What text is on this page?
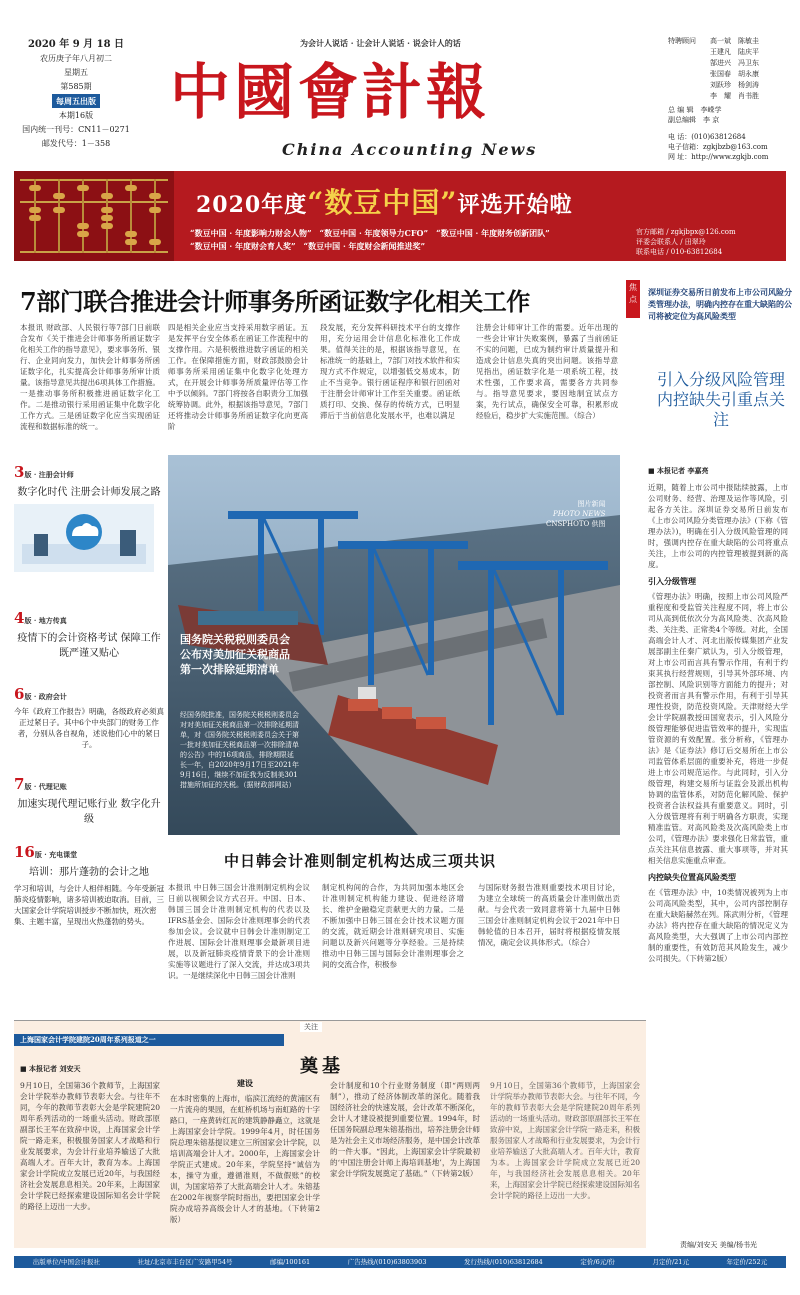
2020 年 9 月 18 日
农历庚子年八月初二
星期五
第585期
每周五出版
本期16版
国内统一刊号：CN11－0271
邮发代号：1－358
为会计人说话 · 让会计人说话 · 说会计人的话
中國會計報
China Accounting News
特聘顾问 高一斌　陈敏圭
王建凡　陆庆平
郜进兴　冯卫东
张国春　胡永康
刘跃珍　杨剑涛
李　耀　肖书胜
总 编 辑　李嵘学
副总编辑　李 京
电 话：(010)63812684
电子信箱：zgkjbzb@163.com
网 址：http://www.zgkjb.com
2020年度“数豆中国”评选开始啦
“数豆中国 · 年度影响力财会人物”　“数豆中国 · 年度领导力CFO”　“数豆中国 · 年度财务创新团队”
“数豆中国 · 年度财会育人奖”　“数豆中国 · 年度财会新闻推进奖”
官方邮箱 / zgkjbpx@126.com
评委会联系人 / 田翠玲
联系电话 / 010-63812684
7部门联合推进会计师事务所函证数字化相关工作	焦点
本报讯 财政部、人民银行等7部门日前联合发布《关于推进会计师事务所函证数字化相关工作的指导意见》，要求事务所、银行、企业同向发力，加快会计师事务所函证数字化，扎实提高会计师事务所审计质量。该指导意见共提出6项具体工作措施。一是推动事务所积极推进函证数字化工作。二是推动银行采用函证集中化数字化工作方式。三是函证数字化应当实现函证流程和数据标准的统一。
四是相关企业应当支持采用数字函证。五是发挥平台安全体系在函证工作流程中的支撑作用。六是积极推进数字函证的相关工作。在保障措施方面，财政部鼓励会计师事务所采用函证集中化数字化处理方式，在开展会计师事务所质量评估等工作中予以倾斜。7部门将按各自职责分工加强统筹协调。此外，根据该指导意见，7部门还将推动会计师事务所函证数字化向更高阶
段发展，充分发挥科研技术平台的支撑作用，充分运用会计信息化标准化工作成果。值得关注的是，根据该指导意见，在标准统一的基础上，7部门对技术软件和实现方式不作规定，以增强低交易成本，防止不当竞争。银行函证程序和银行回函对于注册会计师审计工作至关重要。函证纸质打印、交换、保存的传统方式，已明显滞后于当前信息化发展水平，也难以满足
注册会计师审计工作的需要。近年出现的一些会计审计失败案例，暴露了当前函证不实的问题，已成为制约审计质量提升和造成会计信息失真的突出问题。该指导意见指出，函证数字化是一项系统工程，技术性强，工作要求高，需要各方共同参与。指导意见要求，要因地制宜试点方案，先行试点，确保安全可靠，积累形成经验后，稳步扩大实施范围。（综合）
深圳证券交易所日前发布上市公司风险分类管理办法，明确内控存在重大缺陷的公司将被定位为高风险类型
引入分级风险管理 内控缺失引重点关注
■ 本报记者 李嘉亮
近期，随着上市公司中报陆续披露，上市公司财务、经营、治理及运作等风险，引起各方关注。深圳证券交易所日前发布《上市公司风险分类管理办法》(下称《管理办法》)，明确在引入分级风险管理的同时，强调内控存在重大缺陷的公司将重点关注，上市公司的内控管理被提到新的高度。
引入分级管理
《管理办法》明确，按照上市公司风险严重程度和受监管关注程度不同，将上市公司从高到低依次分为高风险类、次高风险类、关注类、正常类4个等级。对此，全国高端会计人才、河北出版传媒集团产业发展部副主任秦广斌认为，引入分级管理，对上市公司而言具有警示作用，有利于约束其执行经营规则，引导其外部环境、内部控制、风险识别等方面能力的提升；对投资者而言具有警示作用，有利于引导其理性投资，防范投资风险。天津财经大学会计学院副教授田国宽表示，引入风险分级管理能够促进监管效率的提升，实现监管资源的有效配置。张分析称，《管理办法》是《证券法》修订后交易所在上市公司监管体系层面的重要补充，将进一步促进上市公司规范运作。与此同时，引入分级管理，构建交易所与证监会及派出机构协调的监管体系，对防范化解风险、保护投资者合法权益具有重要意义。同时，引入分级管理将有利于明确各方职责，实现精准监管。对高风险类及次高风险类上市公司，《管理办法》要求强化日常监管，重点关注其信息披露、重大事项等，并对其相关信息实施重点审查。
内控缺失位置高风险类型
在《管理办法》中，10类情况被列为上市公司高风险类型，其中，公司内部控制存在重大缺陷赫然在列。陈武则分析，《管理办法》将内控存在重大缺陷的情况定义为高风险类型，大大强调了上市公司内部控制的重要性，有效防范其风险发生，减少公司损失。（下转第2版）
3版 · 注册会计师
数字化时代 注册会计师发展之路
4版 · 地方传真
疫情下的会计资格考试 保障工作既严谨又贴心
6版 · 政府会计
今年《政府工作报告》明确，各级政府必须真正过紧日子。其中6个中央部门的财务工作者，分别从各自视角，述说他们心中的紧日子。
7版 · 代理记账
加速实现代理记账行业 数字化升级
16版 · 充电课堂
培训：那片蓬勃的会计之地
学习和培训，与会计人相伴相随。今年受新冠肺炎疫情影响，诸多培训被迫取消。目前，三大国家会计学院培训授步不断加快，班次密集、主题丰富，呈现出火热蓬勃的势头。
图片新闻
PHOTO NEWS
CNSPHOTO 供图
国务院关税税则委员会公布对美加征关税商品第一次排除延期清单
经国务院批准，国务院关税税则委员会对对美加征关税商品第一次排除延期清单，对《国务院关税税则委员会关于第一批对美加征关税商品第一次排除清单的公告》中的16项商品，排除期限延长一年，自2020年9月17日至2021年9月16日，继续不加征我为反制美301措施所加征的关税。（据财政部网站）
中日韩会计准则制定机构达成三项共识
本报讯 中日韩三国会计准则制定机构会议日前以视频会议方式召开。中国、日本、韩国三国会计准则制定机构的代表以及IFRS基金会、国际会计准则理事会的代表参加会议。会议就中日韩会计准则制定工作进展、国际会计准则理事会最新项目进展，以及新冠肺炎疫情背景下的会计准则实施等议题进行了深入交流，并达成3项共识。一是继续深化中日韩三国会计准则
制定机构间的合作，为共同加强本地区会计准则制定机构能力建设、促进经济增长、维护金融稳定贡献更大的力量。二是不断加强中日韩三国在会计技术议题方面的交流，就近期会计准则研究项目、实施问题以及新兴问题等分享经验。三是持续推动中日韩三国与国际会计准则理事会之间的交流合作，积极参
与国际财务报告准则重要技术项目讨论，为建立全球统一的高质量会计准则做出贡献。与会代表一致同意将第十九届中日韩三国会计准则制定机构会议于2021年中日韩轮值的日本召开，届时将根据疫情发展情况，确定会议具体形式。（综合）
关注
上海国家会计学院建院20周年系列报道之一
奠基
■ 本报记者 刘安天
9月10日，全国第36个教师节，上海国家会计学院举办教师节表彰大会。与往年不同，今年的教师节表彰大会是学院建院20周年系列活动的一场重头活动。财政部原副部长王军在致辞中说，上海国家会计学院一路走来，积极服务国家人才战略和行业发展要求，为会计行业培养输送了大批高端人才。百年大计，教育为本。上海国家会计学院成立发展已近20年，与我国经济社会发展息息相关。20年来，上海国家会计学院已经探索建设国际知名会计学院的路径上迈出一大步。
建设
在本时密集的上海市，临滨江流经的黄浦区有一片流舟的果园，在虹桥机场与南虹路的十字路口，一座黄砖红瓦的建筑静静矗立，这就是上海国家会计学院。1999年4月，时任国务院总理朱镕基提议建立三所国家会计学院，以培训高端会计人才。2000年，上海国家会计学院正式建成。20年来，学院坚持“诚信为本，操守为重，遵循准则，不做假账”的校训，为国家培养了大批高端会计人才。朱镕基在2002年视察学院时指出，要把国家会计学院办成培养高级会计人才的基地。（下转第2版）
会计制度和10个行业财务制度（即“两则两制”），推动了经济体制改革的深化。随着我国经济社会的快速发展，会计改革不断深化，会计人才建设被提到重要位置。1994年，时任国务院副总理朱镕基指出，培养注册会计师是为社会主义市场经济服务，是中国会计改革的一件大事。“因此，上海国家会计学院最初的‘中国注册会计师上海培训基地’，为上海国家会计学院发展奠定了基础。”（下转第2版）
9月10日，全国第36个教师节，上海国家会计学院举办教师节表彰大会。与往年不同，今年的教师节表彰大会是学院建院20周年系列活动的一场重头活动。财政部原副部长王军在致辞中说，上海国家会计学院一路走来，积极服务国家人才战略和行业发展要求，为会计行业培养输送了大批高端人才。百年大计，教育为本。上海国家会计学院成立发展已近20年，与我国经济社会发展息息相关。20年来，上海国家会计学院已经探索建设国际知名会计学院的路径上迈出一大步。
责编/刘安天 美编/杨书光
出版单位/中国会计报社	社址/北京市丰台区广安路甲54号	邮编/100161	广告热线/(010)63803903	发行热线/(010)63812684	定价/6元/份	月定价/21元	年定价/252元
